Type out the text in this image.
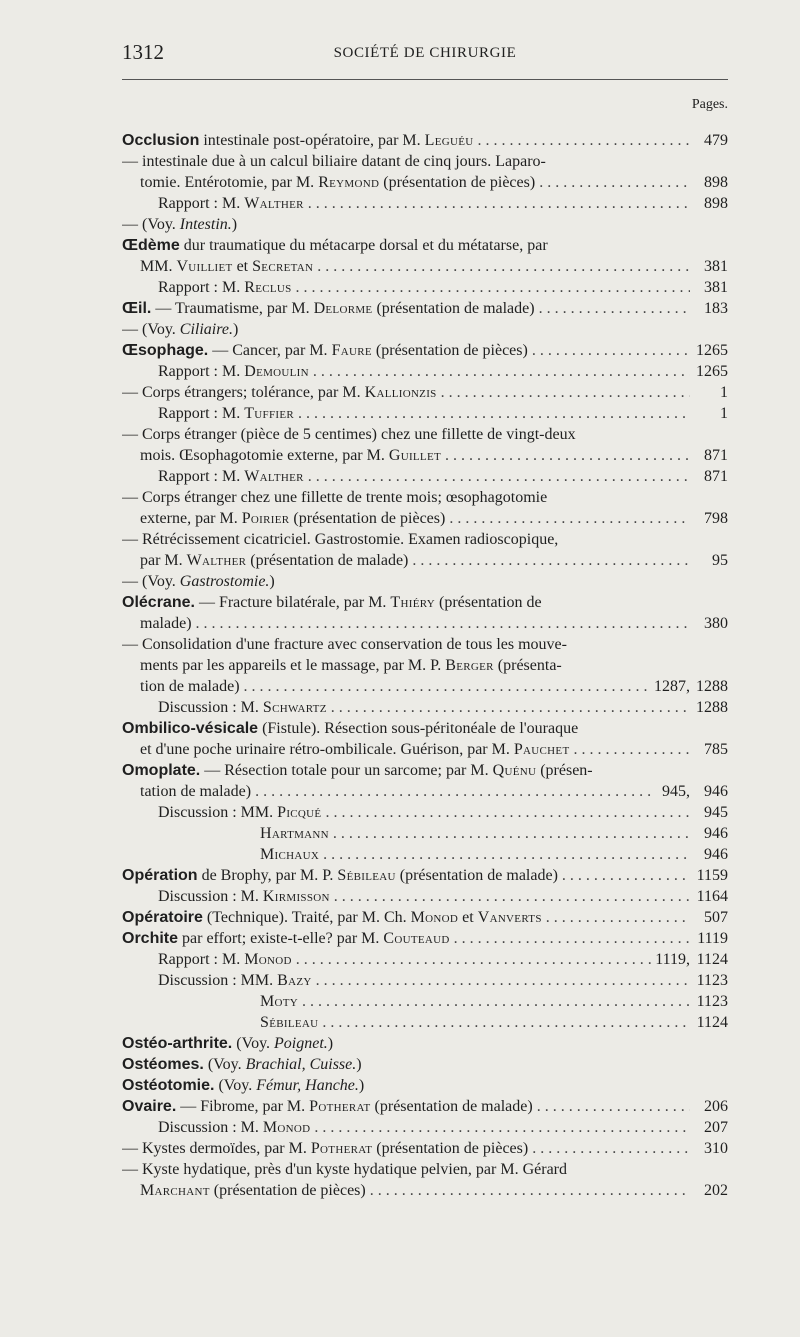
1312	SOCIÉTÉ DE CHIRURGIE
Pages.
Occlusion intestinale post-opératoire, par M. Leguéu . . .	479
— intestinale due à un calcul biliaire datant de cinq jours. Laparo-
tomie. Entérotomie, par M. Reymond (présentation de pièces) . . .	898
Rapport : M. Walther . . .	898
— (Voy. Intestin.)
Œdème dur traumatique du métacarpe dorsal et du métatarse, par
MM. Vuilliet et Secretan . . .	381
Rapport : M. Reclus . . .	381
Œil. — Traumatisme, par M. Delorme (présentation de malade) . . .	183
— (Voy. Ciliaire.)
Œsophage. — Cancer, par M. Faure (présentation de pièces) . . .	1265
Rapport : M. Demoulin . . .	1265
— Corps étrangers; tolérance, par M. Kallionzis . . .	1
Rapport : M. Tuffier . . .	1
— Corps étranger (pièce de 5 centimes) chez une fillette de vingt-deux
mois. Œsophagotomie externe, par M. Guillet . . .	871
Rapport : M. Walther . . .	871
— Corps étranger chez une fillette de trente mois; œsophagotomie
externe, par M. Poirier (présentation de pièces) . . .	798
— Rétrécissement cicatriciel. Gastrostomie. Examen radioscopique,
par M. Walther (présentation de malade) . . .	95
— (Voy. Gastrostomie.)
Olécrane. — Fracture bilatérale, par M. Thiéry (présentation de
malade) . . .	380
— Consolidation d'une fracture avec conservation de tous les mouve-
ments par les appareils et le massage, par M. P. Berger (présenta-
tion de malade) . . .	1287, 1288
Discussion : M. Schwartz . . .	1288
Ombilico-vésicale (Fistule). Résection sous-péritonéale de l'ouraque
et d'une poche urinaire rétro-ombilicale. Guérison, par M. Pauchet . . .	785
Omoplate. — Résection totale pour un sarcome; par M. Quénu (présen-
tation de malade) . . .	945, 946
Discussion : MM. Picqué . . .	945
Hartmann . . .	946
Michaux . . .	946
Opération de Brophy, par M. P. Sébileau (présentation de malade) . . .	1159
Discussion : M. Kirmisson . . .	1164
Opératoire (Technique). Traité, par M. Ch. Monod et Vanverts . . .	507
Orchite par effort; existe-t-elle? par M. Couteaud . . .	1119
Rapport : M. Monod . . .	1119, 1124
Discussion : MM. Bazy . . .	1123
Moty . . .	1123
Sébileau . . .	1124
Ostéo-arthrite. (Voy. Poignet.)
Ostéomes. (Voy. Brachial, Cuisse.)
Ostéotomie. (Voy. Fémur, Hanche.)
Ovaire. — Fibrome, par M. Potherat (présentation de malade) . . .	206
Discussion : M. Monod . . .	207
— Kystes dermoïdes, par M. Potherat (présentation de pièces) . . .	310
— Kyste hydatique, près d'un kyste hydatique pelvien, par M. Gérard
Marchant (présentation de pièces) . . .	202
